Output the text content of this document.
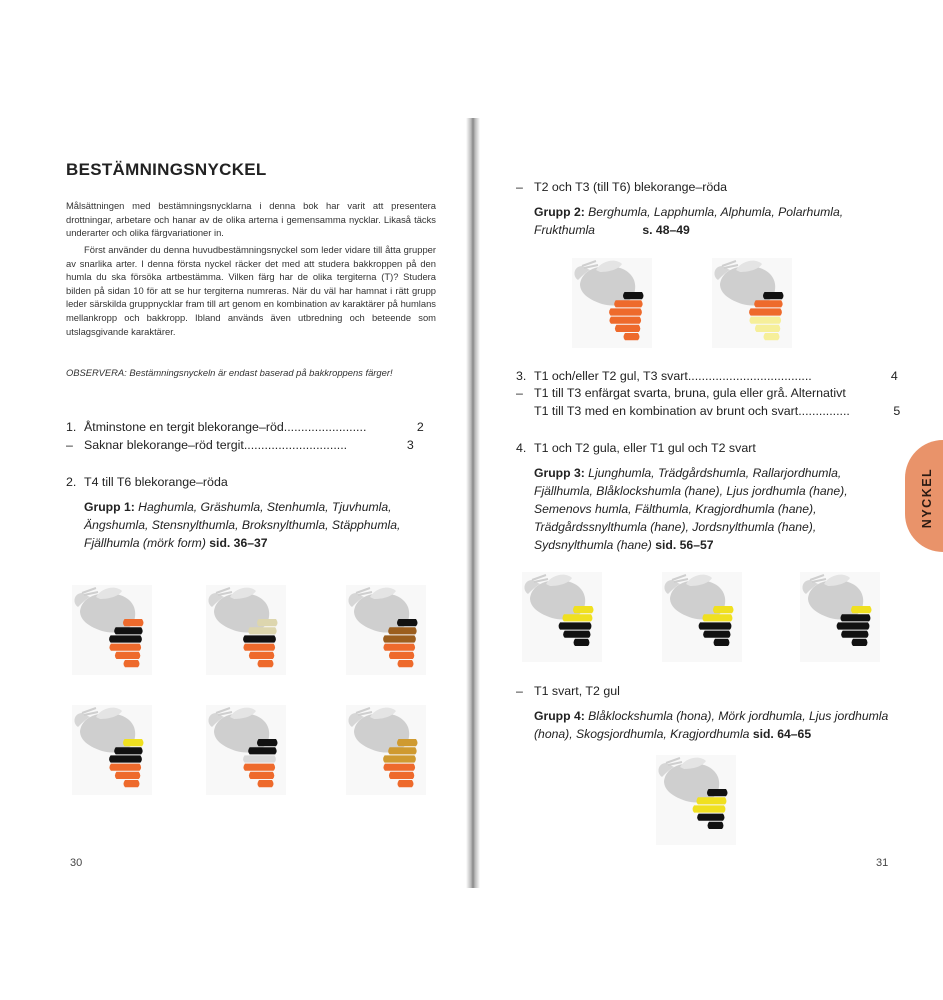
BESTÄMNINGSNYCKEL
Målsättningen med bestämningsnycklarna i denna bok har varit att presentera drottningar, arbetare och hanar av de olika arterna i gemensamma nycklar. Likaså täcks underarter och olika färgvariationer in.
Först använder du denna huvudbestämningsnyckel som leder vidare till åtta grupper av snarlika arter. I denna första nyckel räcker det med att studera bakkroppen på den humla du ska försöka artbestämma. Vilken färg har de olika tergiterna (T)? Studera bilden på sidan 10 för att se hur tergiterna numreras. När du väl har hamnat i rätt grupp leder särskilda gruppnycklar fram till art genom en kombination av karaktärer på humlans mellankropp och bakkropp. Ibland används även utbredning och beteende som utslagsgivande karaktärer.
OBSERVERA: Bestämningsnyckeln är endast baserad på bakkroppens färger!
1. Åtminstone en tergit blekorange–röd........................	2
– Saknar blekorange–röd tergit..............................	3
2. T4 till T6 blekorange–röda
Grupp 1: Haghumla, Gräshumla, Stenhumla, Tjuvhumla, Ängshumla, Stensnylthumla, Broksnylthumla, Stäpphumla, Fjällhumla (mörk form) sid. 36–37
30
– T2 och T3 (till T6) blekorange–röda
Grupp 2: Berghumla, Lapphumla, Alphumla, Polarhumla, Frukthumla	s. 48–49
3. T1 och/eller T2 gul, T3 svart....................................	4
– T1 till T3 enfärgat svarta, bruna, gula eller grå. Alternativt
T1 till T3 med en kombination av brunt och svart...............	5
4. T1 och T2 gula, eller T1 gul och T2 svart
Grupp 3: Ljunghumla, Trädgårdshumla, Rallarjordhumla, Fjällhumla, Blåklockshumla (hane), Ljus jordhumla (hane), Semenovs humla, Fälthumla, Kragjordhumla (hane), Trädgårdssnylthumla (hane), Jordsnylthumla (hane), Sydsnylthumla (hane) sid. 56–57
– T1 svart, T2 gul
Grupp 4: Blåklockshumla (hona), Mörk jordhumla, Ljus jordhumla (hona), Skogsjordhumla, Kragjordhumla sid. 64–65
31
NYCKEL
